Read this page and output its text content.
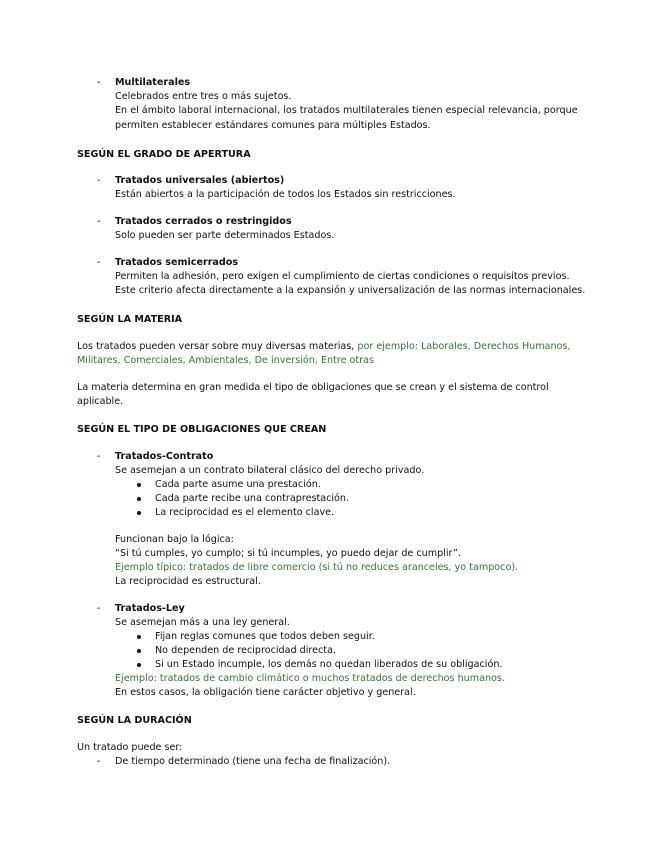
- Multilaterales
Celebrados entre tres o más sujetos.
En el ámbito laboral internacional, los tratados multilaterales tienen especial relevancia, porque
permiten establecer estándares comunes para múltiples Estados.
SEGÚN EL GRADO DE APERTURA
- Tratados universales (abiertos)
Están abiertos a la participación de todos los Estados sin restricciones.
- Tratados cerrados o restringidos
Solo pueden ser parte determinados Estados.
- Tratados semicerrados
Permiten la adhesión, pero exigen el cumplimiento de ciertas condiciones o requisitos previos.
Este criterio afecta directamente a la expansión y universalización de las normas internacionales.
SEGÚN LA MATERIA
Los tratados pueden versar sobre muy diversas materias, por ejemplo: Laborales, Derechos Humanos,
Militares, Comerciales, Ambientales, De inversión, Entre otras
La materia determina en gran medida el tipo de obligaciones que se crean y el sistema de control
aplicable.
SEGÚN EL TIPO DE OBLIGACIONES QUE CREAN
- Tratados-Contrato
Se asemejan a un contrato bilateral clásico del derecho privado.
Cada parte asume una prestación.
Cada parte recibe una contraprestación.
La reciprocidad es el elemento clave.
Funcionan bajo la lógica:
“Si tú cumples, yo cumplo; si tú incumples, yo puedo dejar de cumplir”.
Ejemplo típico: tratados de libre comercio (si tú no reduces aranceles, yo tampoco).
La reciprocidad es estructural.
- Tratados-Ley
Se asemejan más a una ley general.
Fijan reglas comunes que todos deben seguir.
No dependen de reciprocidad directa.
Si un Estado incumple, los demás no quedan liberados de su obligación.
Ejemplo: tratados de cambio climático o muchos tratados de derechos humanos.
En estos casos, la obligación tiene carácter objetivo y general.
SEGÚN LA DURACIÓN
Un tratado puede ser:
- De tiempo determinado (tiene una fecha de finalización).
